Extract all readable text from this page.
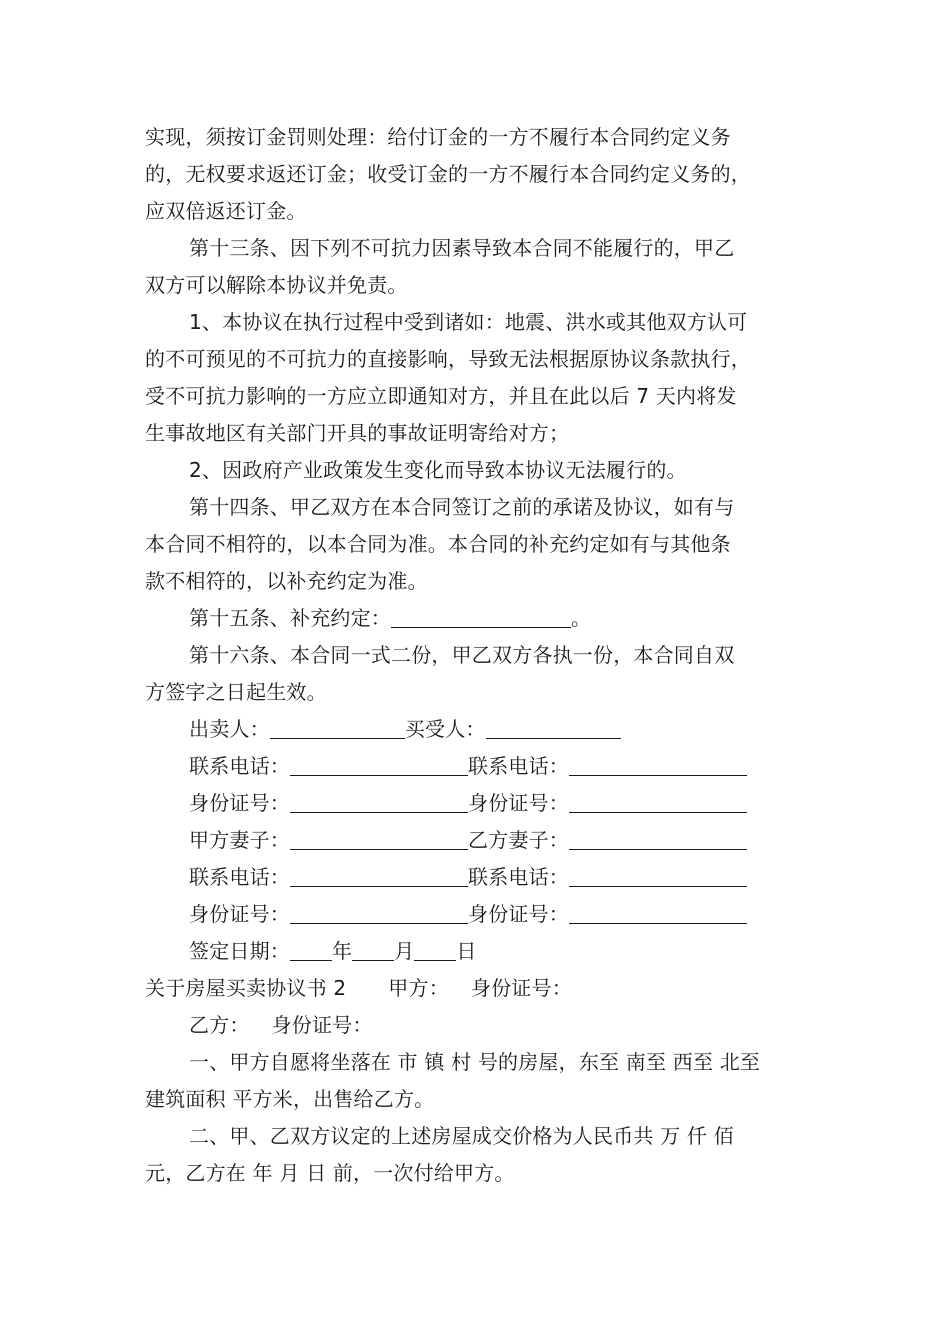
实现，须按订金罚则处理：给付订金的一方不履行本合同约定义务
的，无权要求返还订金；收受订金的一方不履行本合同约定义务的，
应双倍返还订金。
第十三条、因下列不可抗力因素导致本合同不能履行的，甲乙
双方可以解除本协议并免责。
1、本协议在执行过程中受到诸如：地震、洪水或其他双方认可
的不可预见的不可抗力的直接影响，导致无法根据原协议条款执行，
受不可抗力影响的一方应立即通知对方，并且在此以后 7 天内将发
生事故地区有关部门开具的事故证明寄给对方；
2、因政府产业政策发生变化而导致本协议无法履行的。
第十四条、甲乙双方在本合同签订之前的承诺及协议，如有与
本合同不相符的，以本合同为准。本合同的补充约定如有与其他条
款不相符的，以补充约定为准。
第十五条、补充约定：	。
第十六条、本合同一式二份，甲乙双方各执一份，本合同自双
方签字之日起生效。
出卖人：	买受人：
联系电话：	联系电话：
身份证号：	身份证号：
甲方妻子：	乙方妻子：
联系电话：	联系电话：
身份证号：	身份证号：
签定日期： 年 月 日
关于房屋买卖协议书 2 甲方： 身份证号：
乙方： 身份证号：
一、甲方自愿将坐落在 市 镇 村 号的房屋，东至 南至 西至 北至
建筑面积 平方米，出售给乙方。
二、甲、乙双方议定的上述房屋成交价格为人民币共 万 仟 佰
元，乙方在 年 月 日 前，一次付给甲方。
